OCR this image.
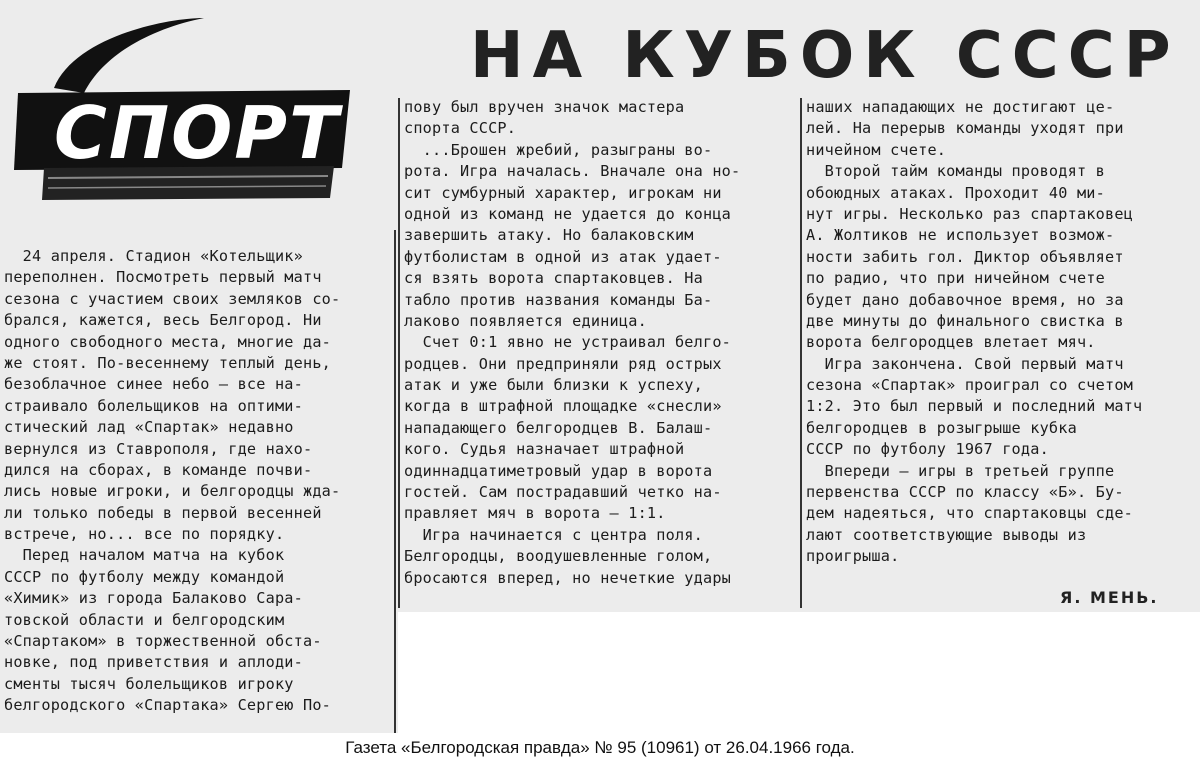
СПОРТ
НА КУБОК СССР
24 апреля. Стадион «Котельщик»
переполнен. Посмотреть первый матч
сезона с участием своих земляков со-
брался, кажется, весь Белгород. Ни
одного свободного места, многие да-
же стоят. По-весеннему теплый день,
безоблачное синее небо — все на-
страивало болельщиков на оптими-
стический лад «Спартак» недавно
вернулся из Ставрополя, где нахо-
дился на сборах, в команде почви-
лись новые игроки, и белгородцы жда-
ли только победы в первой весенней
встрече, но... все по порядку.
Перед началом матча на кубок
СССР по футболу между командой
«Химик» из города Балаково Сара-
товской области и белгородским
«Спартаком» в торжественной обста-
новке, под приветствия и аплоди-
сменты тысяч болельщиков игроку
белгородского «Спартака» Сергею По-
пову был вручен значок мастера
спорта СССР.
...Брошен жребий, разыграны во-
рота. Игра началась. Вначале она но-
сит сумбурный характер, игрокам ни
одной из команд не удается до конца
завершить атаку. Но балаковским
футболистам в одной из атак удает-
ся взять ворота спартаковцев. На
табло против названия команды Ба-
лаково появляется единица.
Счет 0:1 явно не устраивал белго-
родцев. Они предприняли ряд острых
атак и уже были близки к успеху,
когда в штрафной площадке «снесли»
нападающего белгородцев В. Балаш-
кого. Судья назначает штрафной
одиннадцатиметровый удар в ворота
гостей. Сам пострадавший четко на-
правляет мяч в ворота — 1:1.
Игра начинается с центра поля.
Белгородцы, воодушевленные голом,
бросаются вперед, но нечеткие удары
наших нападающих не достигают це-
лей. На перерыв команды уходят при
ничейном счете.
Второй тайм команды проводят в
обоюдных атаках. Проходит 40 ми-
нут игры. Несколько раз спартаковец
А. Жолтиков не использует возмож-
ности забить гол. Диктор объявляет
по радио, что при ничейном счете
будет дано добавочное время, но за
две минуты до финального свистка в
ворота белгородцев влетает мяч.
Игра закончена. Свой первый матч
сезона «Спартак» проиграл со счетом
1:2. Это был первый и последний матч
белгородцев в розыгрыше кубка
СССР по футболу 1967 года.
Впереди — игры в третьей группе
первенства СССР по классу «Б». Бу-
дем надеяться, что спартаковцы сде-
лают соответствующие выводы из
проигрыша.
Я. МЕНЬ.
Газета «Белгородская правда» № 95 (10961) от 26.04.1966 года.
